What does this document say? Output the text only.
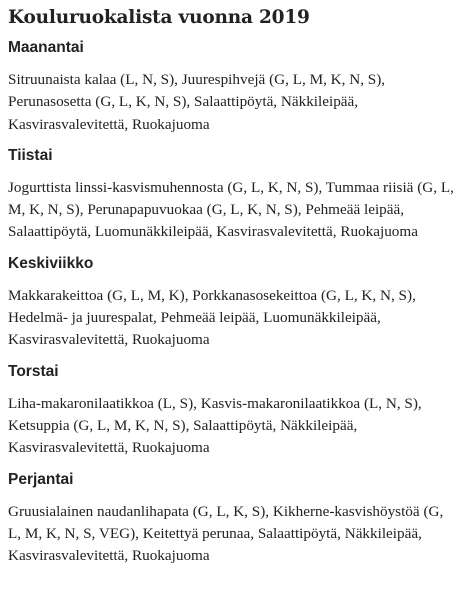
Kouluruokalista vuonna 2019
Maanantai

Sitruunaista kalaa (L, N, S), Juurespihvejä (G, L, M, K, N, S), Perunasosetta (G, L, K, N, S), Salaattipöytä, Näkkileipää, Kasvirasvalevitettä, Ruokajuoma

Tiistai

Jogurttista linssi-kasvismuhennosta (G, L, K, N, S), Tummaa riisiä (G, L, M, K, N, S), Perunapapuvuokaa (G, L, K, N, S), Pehmeää leipää, Salaattipöytä, Luomunäkkileipää, Kasvirasvalevitettä, Ruokajuoma

Keskiviikko

Makkarakeittoa (G, L, M, K), Porkkanasosekeittoa (G, L, K, N, S), Hedelmä- ja juurespalat, Pehmeää leipää, Luomunäkkileipää, Kasvirasvalevitettä, Ruokajuoma

Torstai

Liha-makaronilaatikkoa (L, S), Kasvis-makaronilaatikkoa (L, N, S), Ketsuppia (G, L, M, K, N, S), Salaattipöytä, Näkkileipää, Kasvirasvalevitettä, Ruokajuoma

Perjantai

Gruusialainen naudanlihapata (G, L, K, S), Kikherne-kasvishöystöä (G, L, M, K, N, S, VEG), Keitettyä perunaa, Salaattipöytä, Näkkileipää, Kasvirasvalevitettä, Ruokajuoma
